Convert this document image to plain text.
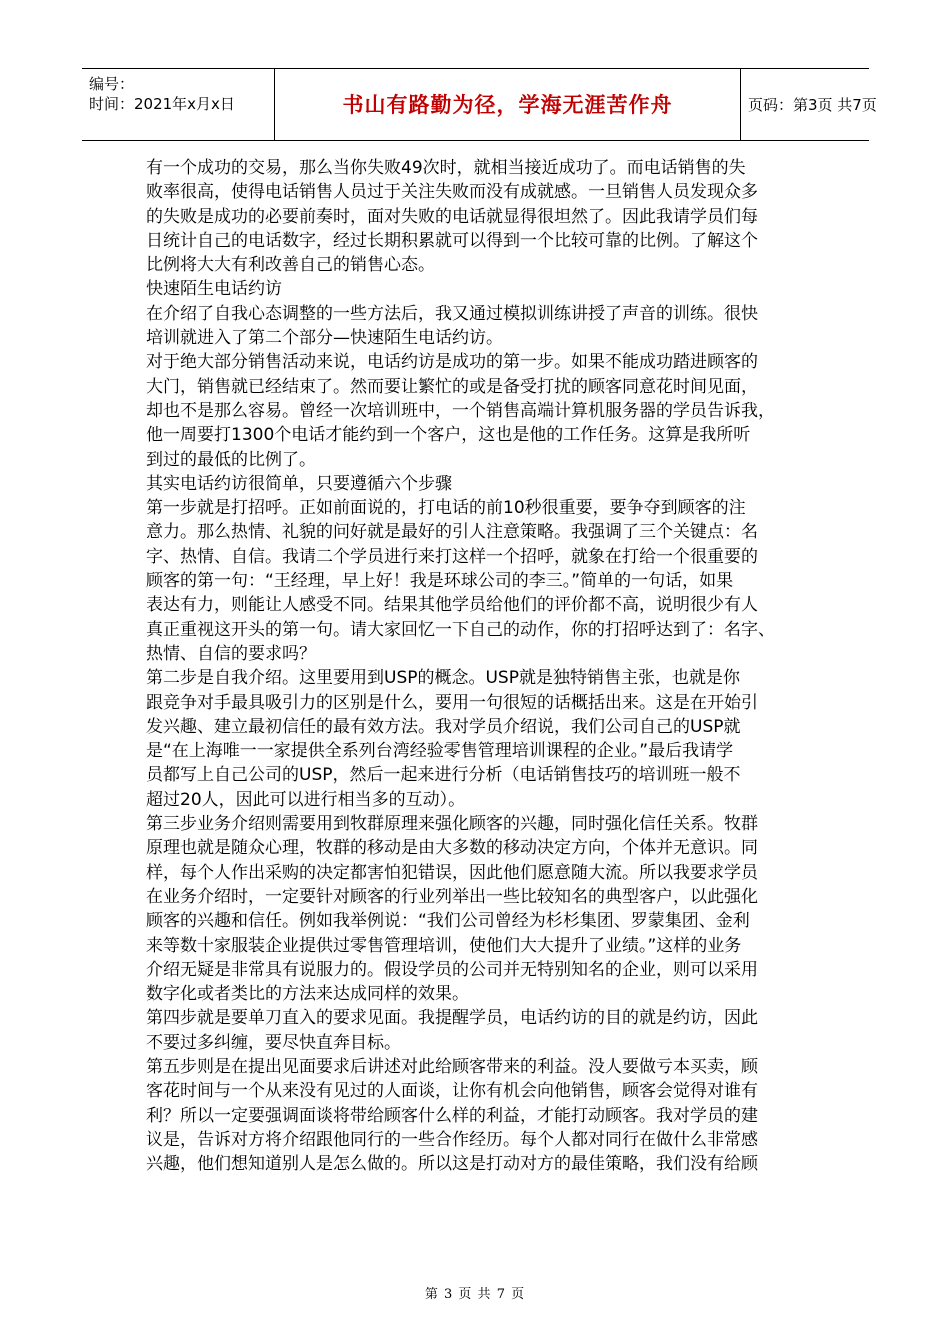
编号：
时间：2021年x月x日	书山有路勤为径，学海无涯苦作舟	页码：第3页 共7页
有一个成功的交易，那么当你失败49次时，就相当接近成功了。而电话销售的失
败率很高，使得电话销售人员过于关注失败而没有成就感。一旦销售人员发现众多
的失败是成功的必要前奏时，面对失败的电话就显得很坦然了。因此我请学员们每
日统计自己的电话数字，经过长期积累就可以得到一个比较可靠的比例。了解这个
比例将大大有利改善自己的销售心态。
快速陌生电话约访
在介绍了自我心态调整的一些方法后，我又通过模拟训练讲授了声音的训练。很快
培训就进入了第二个部分—快速陌生电话约访。
对于绝大部分销售活动来说，电话约访是成功的第一步。如果不能成功踏进顾客的
大门，销售就已经结束了。然而要让繁忙的或是备受打扰的顾客同意花时间见面，
却也不是那么容易。曾经一次培训班中，一个销售高端计算机服务器的学员告诉我，
他一周要打1300个电话才能约到一个客户，这也是他的工作任务。这算是我所听
到过的最低的比例了。
其实电话约访很简单，只要遵循六个步骤
第一步就是打招呼。正如前面说的，打电话的前10秒很重要，要争夺到顾客的注
意力。那么热情、礼貌的问好就是最好的引人注意策略。我强调了三个关键点：名
字、热情、自信。我请二个学员进行来打这样一个招呼，就象在打给一个很重要的
顾客的第一句：“王经理，早上好！我是环球公司的李三。”简单的一句话，如果
表达有力，则能让人感受不同。结果其他学员给他们的评价都不高，说明很少有人
真正重视这开头的第一句。请大家回忆一下自己的动作，你的打招呼达到了：名字、
热情、自信的要求吗？
第二步是自我介绍。这里要用到USP的概念。USP就是独特销售主张，也就是你
跟竞争对手最具吸引力的区别是什么，要用一句很短的话概括出来。这是在开始引
发兴趣、建立最初信任的最有效方法。我对学员介绍说，我们公司自己的USP就
是“在上海唯一一家提供全系列台湾经验零售管理培训课程的企业。”最后我请学
员都写上自己公司的USP，然后一起来进行分析（电话销售技巧的培训班一般不
超过20人，因此可以进行相当多的互动）。
第三步业务介绍则需要用到牧群原理来强化顾客的兴趣，同时强化信任关系。牧群
原理也就是随众心理，牧群的移动是由大多数的移动决定方向，个体并无意识。同
样，每个人作出采购的决定都害怕犯错误，因此他们愿意随大流。所以我要求学员
在业务介绍时，一定要针对顾客的行业列举出一些比较知名的典型客户，以此强化
顾客的兴趣和信任。例如我举例说：“我们公司曾经为杉杉集团、罗蒙集团、金利
来等数十家服装企业提供过零售管理培训，使他们大大提升了业绩。”这样的业务
介绍无疑是非常具有说服力的。假设学员的公司并无特别知名的企业，则可以采用
数字化或者类比的方法来达成同样的效果。
第四步就是要单刀直入的要求见面。我提醒学员，电话约访的目的就是约访，因此
不要过多纠缠，要尽快直奔目标。
第五步则是在提出见面要求后讲述对此给顾客带来的利益。没人要做亏本买卖，顾
客花时间与一个从来没有见过的人面谈，让你有机会向他销售，顾客会觉得对谁有
利？所以一定要强调面谈将带给顾客什么样的利益，才能打动顾客。我对学员的建
议是，告诉对方将介绍跟他同行的一些合作经历。每个人都对同行在做什么非常感
兴趣，他们想知道别人是怎么做的。所以这是打动对方的最佳策略，我们没有给顾
第 3 页 共 7 页
